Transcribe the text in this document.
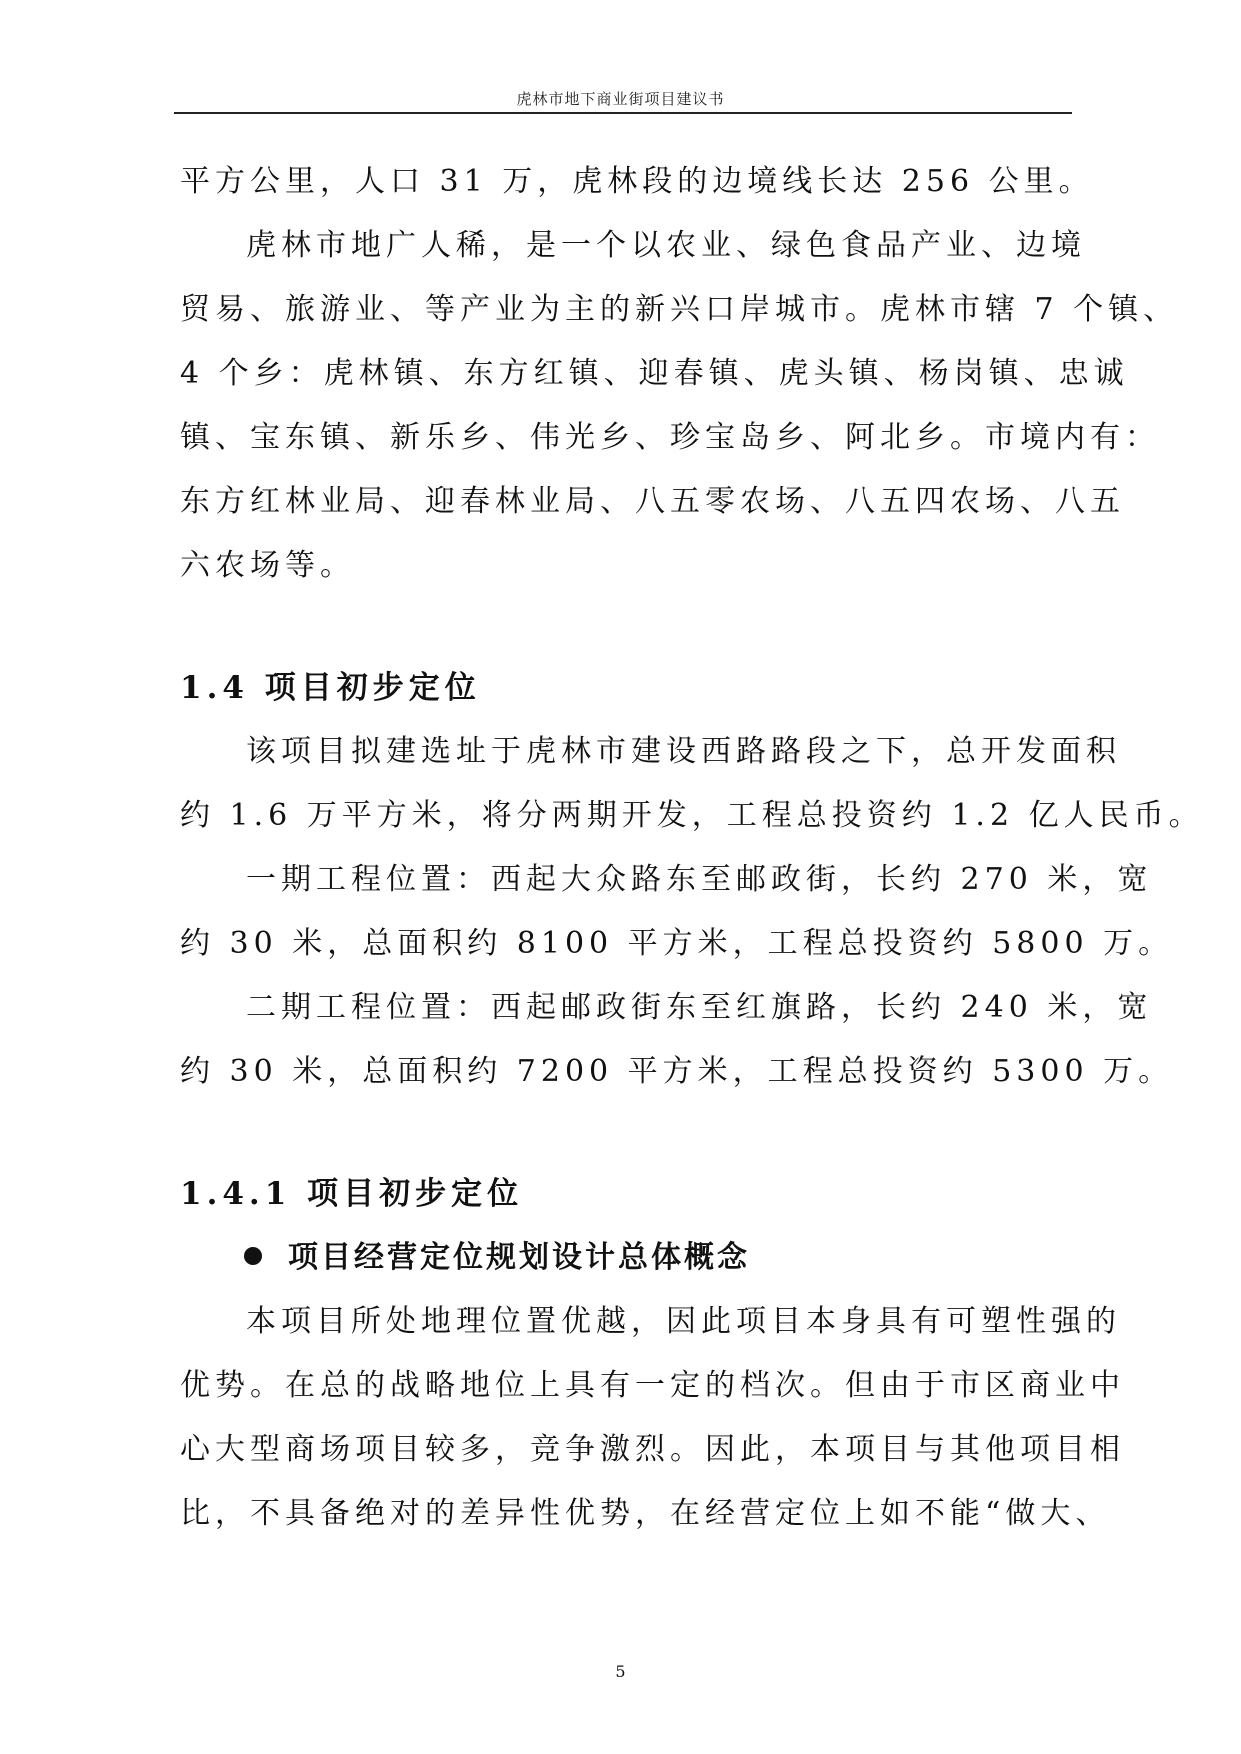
虎林市地下商业街项目建议书
平方公里，人口 31 万，虎林段的边境线长达 256 公里。
虎林市地广人稀，是一个以农业、绿色食品产业、边境
贸易、旅游业、等产业为主的新兴口岸城市。虎林市辖 7 个镇、
4 个乡：虎林镇、东方红镇、迎春镇、虎头镇、杨岗镇、忠诚
镇、宝东镇、新乐乡、伟光乡、珍宝岛乡、阿北乡。市境内有：
东方红林业局、迎春林业局、八五零农场、八五四农场、八五
六农场等。
1.4 项目初步定位
该项目拟建选址于虎林市建设西路路段之下，总开发面积
约 1.6 万平方米，将分两期开发，工程总投资约 1.2 亿人民币。
一期工程位置：西起大众路东至邮政街，长约 270 米，宽
约 30 米，总面积约 8100 平方米，工程总投资约 5800 万。
二期工程位置：西起邮政街东至红旗路，长约 240 米，宽
约 30 米，总面积约 7200 平方米，工程总投资约 5300 万。
1.4.1 项目初步定位
项目经营定位规划设计总体概念
本项目所处地理位置优越，因此项目本身具有可塑性强的
优势。在总的战略地位上具有一定的档次。但由于市区商业中
心大型商场项目较多，竞争激烈。因此，本项目与其他项目相
比，不具备绝对的差异性优势，在经营定位上如不能“做大、
5
